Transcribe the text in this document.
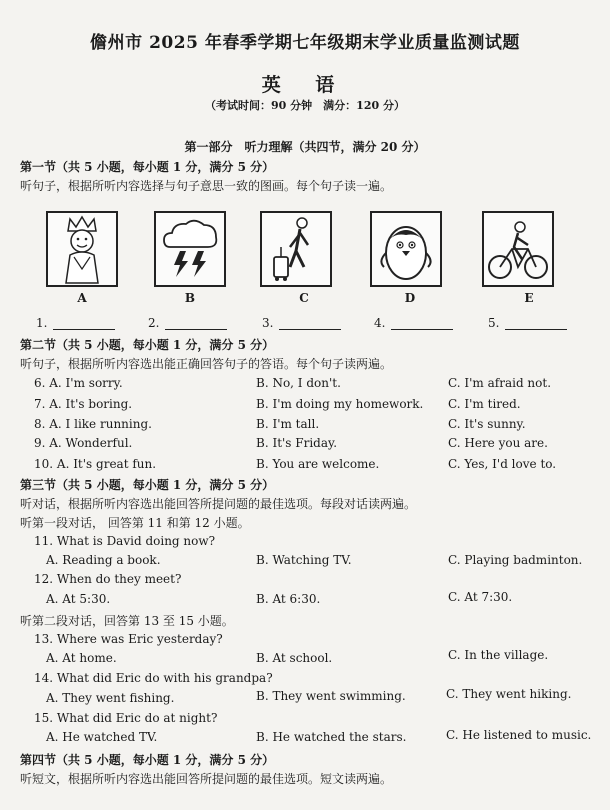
儋州市 2025 年春季学期七年级期末学业质量监测试题
英 语
（考试时间：90 分钟　满分：120 分）
第一部分　听力理解（共四节，满分 20 分）
第一节（共 5 小题，每小题 1 分，满分 5 分）
听句子，根据所听内容选择与句子意思一致的图画。每个句子读一遍。
A	B	C	D	E
1.	2.	3.	4.	5.
第二节（共 5 小题，每小题 1 分，满分 5 分）
听句子，根据所听内容选出能正确回答句子的答语。每个句子读两遍。
6. A. I'm sorry.	B. No, I don't.	C. I'm afraid not.
7. A. It's boring.	B. I'm doing my homework. C. I'm tired.
8. A. I like running.	B. I'm tall.	C. It's sunny.
9. A. Wonderful.	B. It's Friday.	C. Here you are.
10. A. It's great fun.	B. You are welcome.	C. Yes, I'd love to.
第三节（共 5 小题，每小题 1 分，满分 5 分）
听对话，根据所听内容选出能回答所提问题的最佳选项。每段对话读两遍。
听第一段对话， 回答第 11 和第 12 小题。
11. What is David doing now?
A. Reading a book.	B. Watching TV.	C. Playing badminton.
12. When do they meet?
A. At 5:30.	B. At 6:30.	C. At 7:30.
听第二段对话，回答第 13 至 15 小题。
13. Where was Eric yesterday?
A. At home.	B. At school.	C. In the village.
14. What did Eric do with his grandpa?
A. They went fishing.	B. They went swimming.	C. They went hiking.
15. What did Eric do at night?
A. He watched TV.	B. He watched the stars.	C. He listened to music.
第四节（共 5 小题，每小题 1 分，满分 5 分）
听短文，根据所听内容选出能回答所提问题的最佳选项。短文读两遍。
